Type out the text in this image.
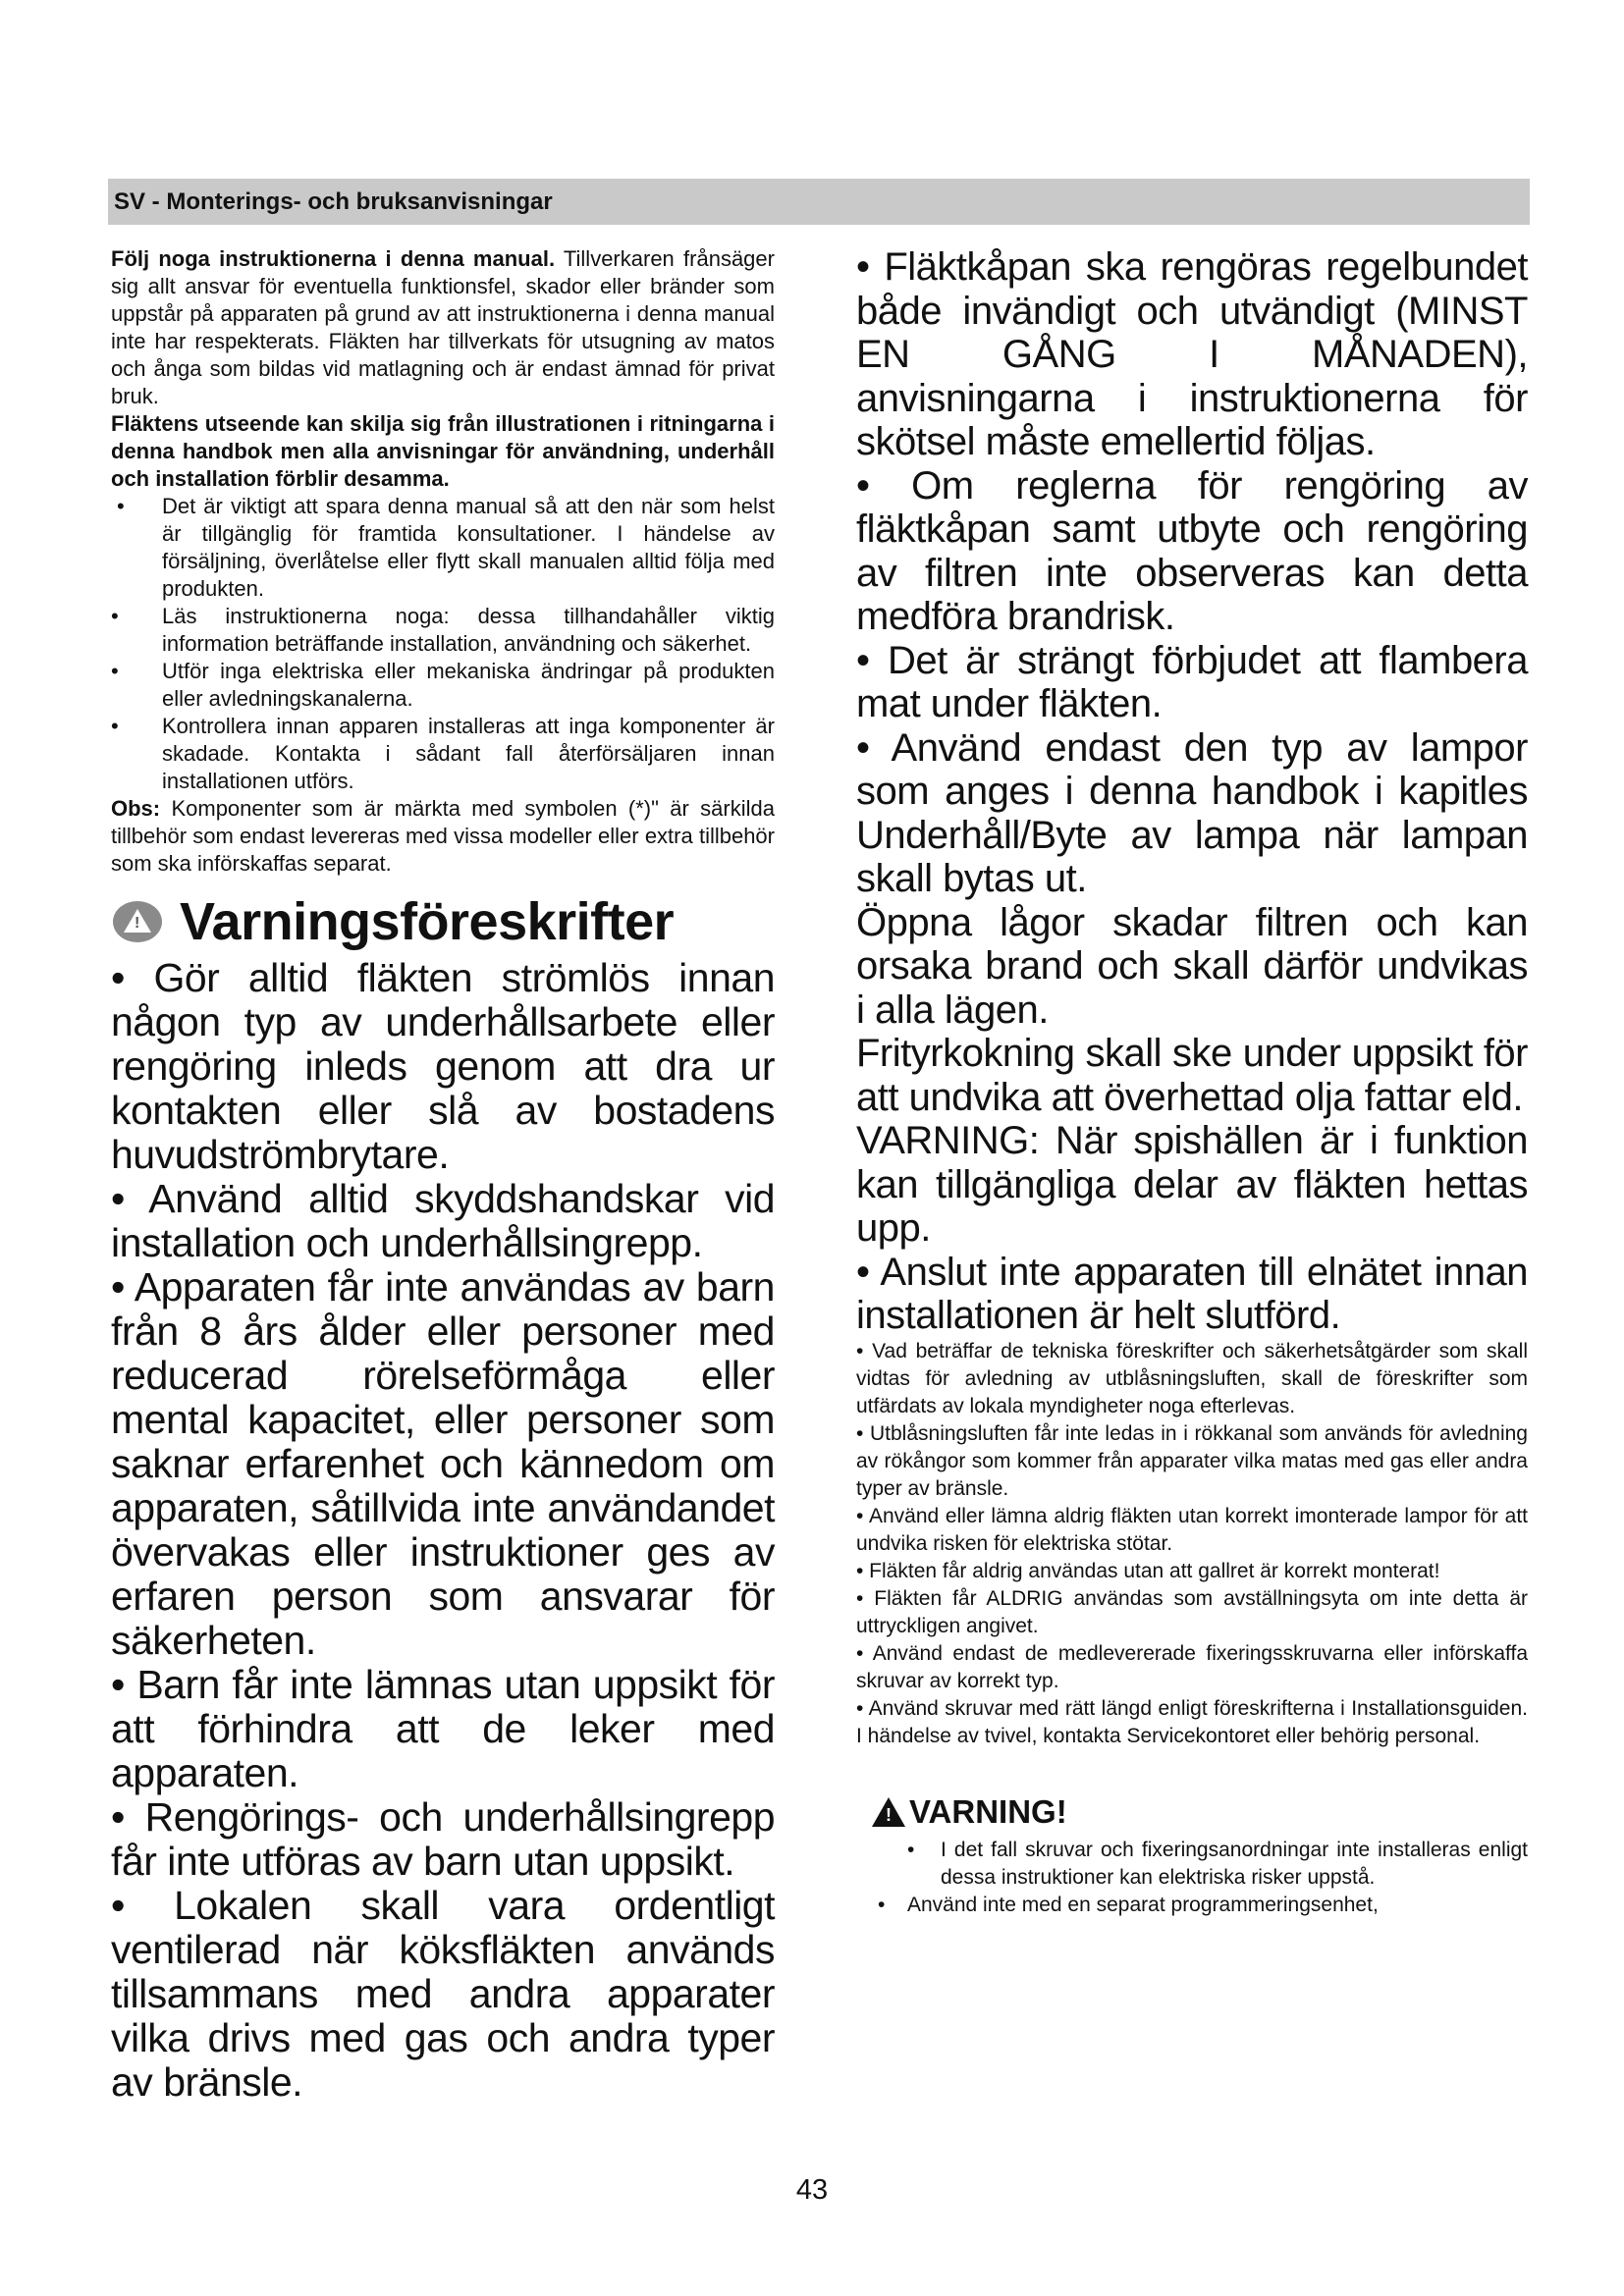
SV - Monterings- och bruksanvisningar

Följ noga instruktionerna i denna manual. Tillverkaren frånsäger sig allt ansvar för eventuella funktionsfel, skador eller bränder som uppstår på apparaten på grund av att instruktionerna i denna manual inte har respekterats. Fläkten har tillverkats för utsugning av matos och ånga som bildas vid matlagning och är endast ämnad för privat bruk.

Fläktens utseende kan skilja sig från illustrationen i ritningarna i denna handbok men alla anvisningar för användning, underhåll och installation förblir desamma.

• Det är viktigt att spara denna manual så att den när som helst är tillgänglig för framtida konsultationer. I händelse av försäljning, överlåtelse eller flytt skall manualen alltid följa med produkten.
• Läs instruktionerna noga: dessa tillhandahåller viktig information beträffande installation, användning och säkerhet.
• Utför inga elektriska eller mekaniska ändringar på produkten eller avledningskanalerna.
• Kontrollera innan apparen installeras att inga komponenter är skadade. Kontakta i sådant fall återförsäljaren innan installationen utförs.

Obs: Komponenter som är märkta med symbolen (*)" är särkilda tillbehör som endast levereras med vissa modeller eller extra tillbehör som ska införskaffas separat.

! Varningsföreskrifter

• Gör alltid fläkten strömlös innan någon typ av underhållsarbete eller rengöring inleds genom att dra ur kontakten eller slå av bostadens huvudströmbrytare.

• Använd alltid skyddshandskar vid installation och underhållsingrepp.

• Apparaten får inte användas av barn från 8 års ålder eller personer med reducerad rörelseförmåga eller mental kapacitet, eller personer som saknar erfarenhet och kännedom om apparaten, såtillvida inte användandet övervakas eller instruktioner ges av erfaren person som ansvarar för säkerheten.

• Barn får inte lämnas utan uppsikt för att förhindra att de leker med apparaten.

• Rengörings- och underhållsingrepp får inte utföras av barn utan uppsikt.

• Lokalen skall vara ordentligt ventilerad när köksfläkten används tillsammans med andra apparater vilka drivs med gas och andra typer av bränsle.

• Fläktkåpan ska rengöras regelbundet både invändigt och utvändigt (MINST EN GÅNG I MÅNADEN), anvisningarna i instruktionerna för skötsel måste emellertid följas.

• Om reglerna för rengöring av fläktkåpan samt utbyte och rengöring av filtren inte observeras kan detta medföra brandrisk.

• Det är strängt förbjudet att flambera mat under fläkten.

• Använd endast den typ av lampor som anges i denna handbok i kapitles Underhåll/Byte av lampa när lampan skall bytas ut.

Öppna lågor skadar filtren och kan orsaka brand och skall därför undvikas i alla lägen.

Frityrkokning skall ske under uppsikt för att undvika att överhettad olja fattar eld.

VARNING: När spishällen är i funktion kan tillgängliga delar av fläkten hettas upp.

• Anslut inte apparaten till elnätet innan installationen är helt slutförd.

• Vad beträffar de tekniska föreskrifter och säkerhetsåtgärder som skall vidtas för avledning av utblåsningsluften, skall de föreskrifter som utfärdats av lokala myndigheter noga efterlevas.

• Utblåsningsluften får inte ledas in i rökkanal som används för avledning av rökångor som kommer från apparater vilka matas med gas eller andra typer av bränsle.

• Använd eller lämna aldrig fläkten utan korrekt imonterade lampor för att undvika risken för elektriska stötar.

• Fläkten får aldrig användas utan att gallret är korrekt monterat!

• Fläkten får ALDRIG användas som avställningsyta om inte detta är uttryckligen angivet.

• Använd endast de medlevererade fixeringsskruvarna eller införskaffa skruvar av korrekt typ.

• Använd skruvar med rätt längd enligt föreskrifterna i Installationsguiden. I händelse av tvivel, kontakta Servicekontoret eller behörig personal.

! VARNING!
• I det fall skruvar och fixeringsanordningar inte installeras enligt dessa instruktioner kan elektriska risker uppstå.
• Använd inte med en separat programmeringsenhet,
43
